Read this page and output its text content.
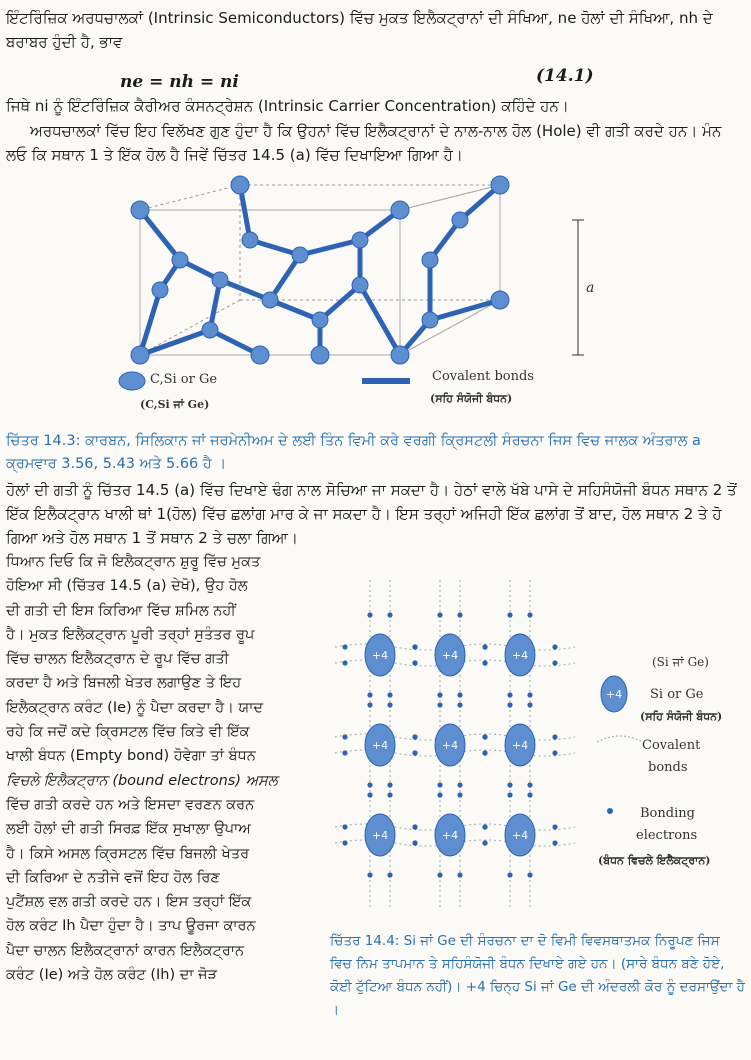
ਇੰਟਰਿੰਜ਼ਿਕ ਅਰਧਚਾਲਕਾਂ (Intrinsic Semiconductors) ਵਿੱਚ ਮੁਕਤ ਇਲੈਕਟ੍ਰਾਨਾਂ ਦੀ ਸੰਖਿਆ, ne ਹੋਲਾਂ ਦੀ ਸੰਖਿਆ, nh ਦੇ ਬਰਾਬਰ ਹੁੰਦੀ ਹੈ, ਭਾਵ

ne = nh = ni	(14.1)

ਜਿਥੇ ni ਨੂੰ ਇੰਟਰਿੰਜ਼ਿਕ ਕੈਰੀਅਰ ਕੰਸਨਟ੍ਰੇਸ਼ਨ (Intrinsic Carrier Concentration) ਕਹਿੰਦੇ ਹਨ।

ਅਰਧਚਾਲਕਾਂ ਵਿੱਚ ਇਹ ਵਿਲੱਖਣ ਗੁਣ ਹੁੰਦਾ ਹੈ ਕਿ ਉਹਨਾਂ ਵਿੱਚ ਇਲੈਕਟ੍ਰਾਨਾਂ ਦੇ ਨਾਲ-ਨਾਲ ਹੋਲ (Hole) ਵੀ ਗਤੀ ਕਰਦੇ ਹਨ। ਮੰਨ ਲਓ ਕਿ ਸਥਾਨ 1 ਤੇ ਇੱਕ ਹੋਲ ਹੈ ਜਿਵੇਂ ਚਿੱਤਰ 14.5 (a) ਵਿੱਚ ਦਿਖਾਇਆ ਗਿਆ ਹੈ।

a
C,Si or Ge
(C,Si ਜਾਂ Ge)
Covalent bonds
(ਸਹਿ ਸੰਯੋਜੀ ਬੰਧਨ)
ਚਿੱਤਰ 14.3: ਕਾਰਬਨ, ਸਿਲਿਕਾਨ ਜਾਂ ਜਰਮੇਨੀਅਮ ਦੇ ਲਈ ਤਿੰਨ ਵਿਮੀ ਕਰੇ ਵਰਗੀ ਕ੍ਰਿਸਟਲੀ ਸੰਰਚਨਾ ਜਿਸ ਵਿਚ ਜਾਲਕ ਅੰਤਰਾਲ a ਕ੍ਰਮਵਾਰ 3.56, 5.43 ਅਤੇ 5.66 ਹੈ ।

ਹੋਲਾਂ ਦੀ ਗਤੀ ਨੂੰ ਚਿੱਤਰ 14.5 (a) ਵਿੱਚ ਦਿਖਾਏ ਢੰਗ ਨਾਲ ਸੋਚਿਆ ਜਾ ਸਕਦਾ ਹੈ। ਹੇਠਾਂ ਵਾਲੇ ਖੱਬੇ ਪਾਸੇ ਦੇ ਸਹਿਸੰਯੋਜੀ ਬੰਧਨ ਸਥਾਨ 2 ਤੋਂ ਇੱਕ ਇਲੈਕਟ੍ਰਾਨ ਖਾਲੀ ਥਾਂ 1(ਹੋਲ) ਵਿੱਚ ਛਲਾਂਗ ਮਾਰ ਕੇ ਜਾ ਸਕਦਾ ਹੈ। ਇਸ ਤਰ੍ਹਾਂ ਅਜਿਹੀ ਇੱਕ ਛਲਾਂਗ ਤੋਂ ਬਾਦ, ਹੋਲ ਸਥਾਨ 2 ਤੇ ਹੋ ਗਿਆ ਅਤੇ ਹੋਲ ਸਥਾਨ 1 ਤੋਂ ਸਥਾਨ 2 ਤੇ ਚਲਾ ਗਿਆ।

ਧਿਆਨ ਦਿਓ ਕਿ ਜੋ ਇਲੈਕਟ੍ਰਾਨ ਸ਼ੁਰੂ ਵਿੱਚ ਮੁਕਤ
ਹੋਇਆ ਸੀ (ਚਿੱਤਰ 14.5 (a) ਦੇਖੋ), ਉਹ ਹੋਲ
ਦੀ ਗਤੀ ਦੀ ਇਸ ਕਿਰਿਆ ਵਿੱਚ ਸ਼ਮਿਲ ਨਹੀਂ
ਹੈ। ਮੁਕਤ ਇਲੈਕਟ੍ਰਾਨ ਪੂਰੀ ਤਰ੍ਹਾਂ ਸੁਤੰਤਰ ਰੂਪ
ਵਿੱਚ ਚਾਲਨ ਇਲੈਕਟ੍ਰਾਨ ਦੇ ਰੂਪ ਵਿੱਚ ਗਤੀ
ਕਰਦਾ ਹੈ ਅਤੇ ਬਿਜਲੀ ਖੇਤਰ ਲਗਾਉਣ ਤੇ ਇਹ
ਇਲੈਕਟ੍ਰਾਨ ਕਰੰਟ (Ie) ਨੂੰ ਪੈਦਾ ਕਰਦਾ ਹੈ। ਯਾਦ
ਰਹੇ ਕਿ ਜਦੋਂ ਕਦੇ ਕ੍ਰਿਸਟਲ ਵਿੱਚ ਕਿਤੇ ਵੀ ਇੱਕ
ਖਾਲੀ ਬੰਧਨ (Empty bond) ਹੋਵੇਗਾ ਤਾਂ ਬੰਧਨ
ਵਿਚਲੇ ਇਲੈਕਟ੍ਰਾਨ (bound electrons) ਅਸਲ
ਵਿੱਚ ਗਤੀ ਕਰਦੇ ਹਨ ਅਤੇ ਇਸਦਾ ਵਰਣਨ ਕਰਨ
ਲਈ ਹੋਲਾਂ ਦੀ ਗਤੀ ਸਿਰਫ਼ ਇੱਕ ਸੁਖਾਲਾ ਉਪਾਅ
ਹੈ। ਕਿਸੇ ਅਸਲ ਕ੍ਰਿਸਟਲ ਵਿੱਚ ਬਿਜਲੀ ਖੇਤਰ
ਦੀ ਕਿਰਿਆ ਦੇ ਨਤੀਜੇ ਵਜੋਂ ਇਹ ਹੋਲ ਰਿਣ
ਪੁਟੈਂਸ਼ਲ ਵਲ ਗਤੀ ਕਰਦੇ ਹਨ। ਇਸ ਤਰ੍ਹਾਂ ਇੱਕ
ਹੋਲ ਕਰੰਟ Ih ਪੈਦਾ ਹੁੰਦਾ ਹੈ। ਤਾਪ ਊਰਜਾ ਕਾਰਨ
ਪੈਦਾ ਚਾਲਨ ਇਲੈਕਟ੍ਰਾਨਾਂ ਕਾਰਨ ਇਲੈਕਟ੍ਰਾਨ
ਕਰੰਟ (Ie) ਅਤੇ ਹੋਲ ਕਰੰਟ (Ih) ਦਾ ਜੋੜ
+4
+4
+4
+4
+4
+4
+4
+4
+4
(Si ਜਾਂ Ge)
+4 Si or Ge
(ਸਹਿ ਸੰਯੋਜੀ ਬੰਧਨ)
Covalent
bonds
Bonding
electrons
(ਬੰਧਨ ਵਿਚਲੇ ਇਲੈਕਟ੍ਰਾਨ)
ਚਿੱਤਰ 14.4: Si ਜਾਂ Ge ਦੀ ਸੰਰਚਨਾ ਦਾ ਦੋ ਵਿਮੀ ਵਿਵਸਥਾਤਮਕ ਨਿਰੂਪਣ ਜਿਸ ਵਿਚ ਨਿਮ ਤਾਪਮਾਨ ਤੇ ਸਹਿਸੰਯੋਜੀ ਬੰਧਨ ਦਿਖਾਏ ਗਏ ਹਨ। (ਸਾਰੇ ਬੰਧਨ ਬਣੇ ਹੋਏ, ਕੋਈ ਟੁੱਟਿਆ ਬੰਧਨ ਨਹੀਂ)। +4 ਚਿਨ੍ਹ Si ਜਾਂ Ge ਦੀ ਅੰਦਰਲੀ ਕੋਰ ਨੂੰ ਦਰਸਾਉਂਦਾ ਹੈ ।
